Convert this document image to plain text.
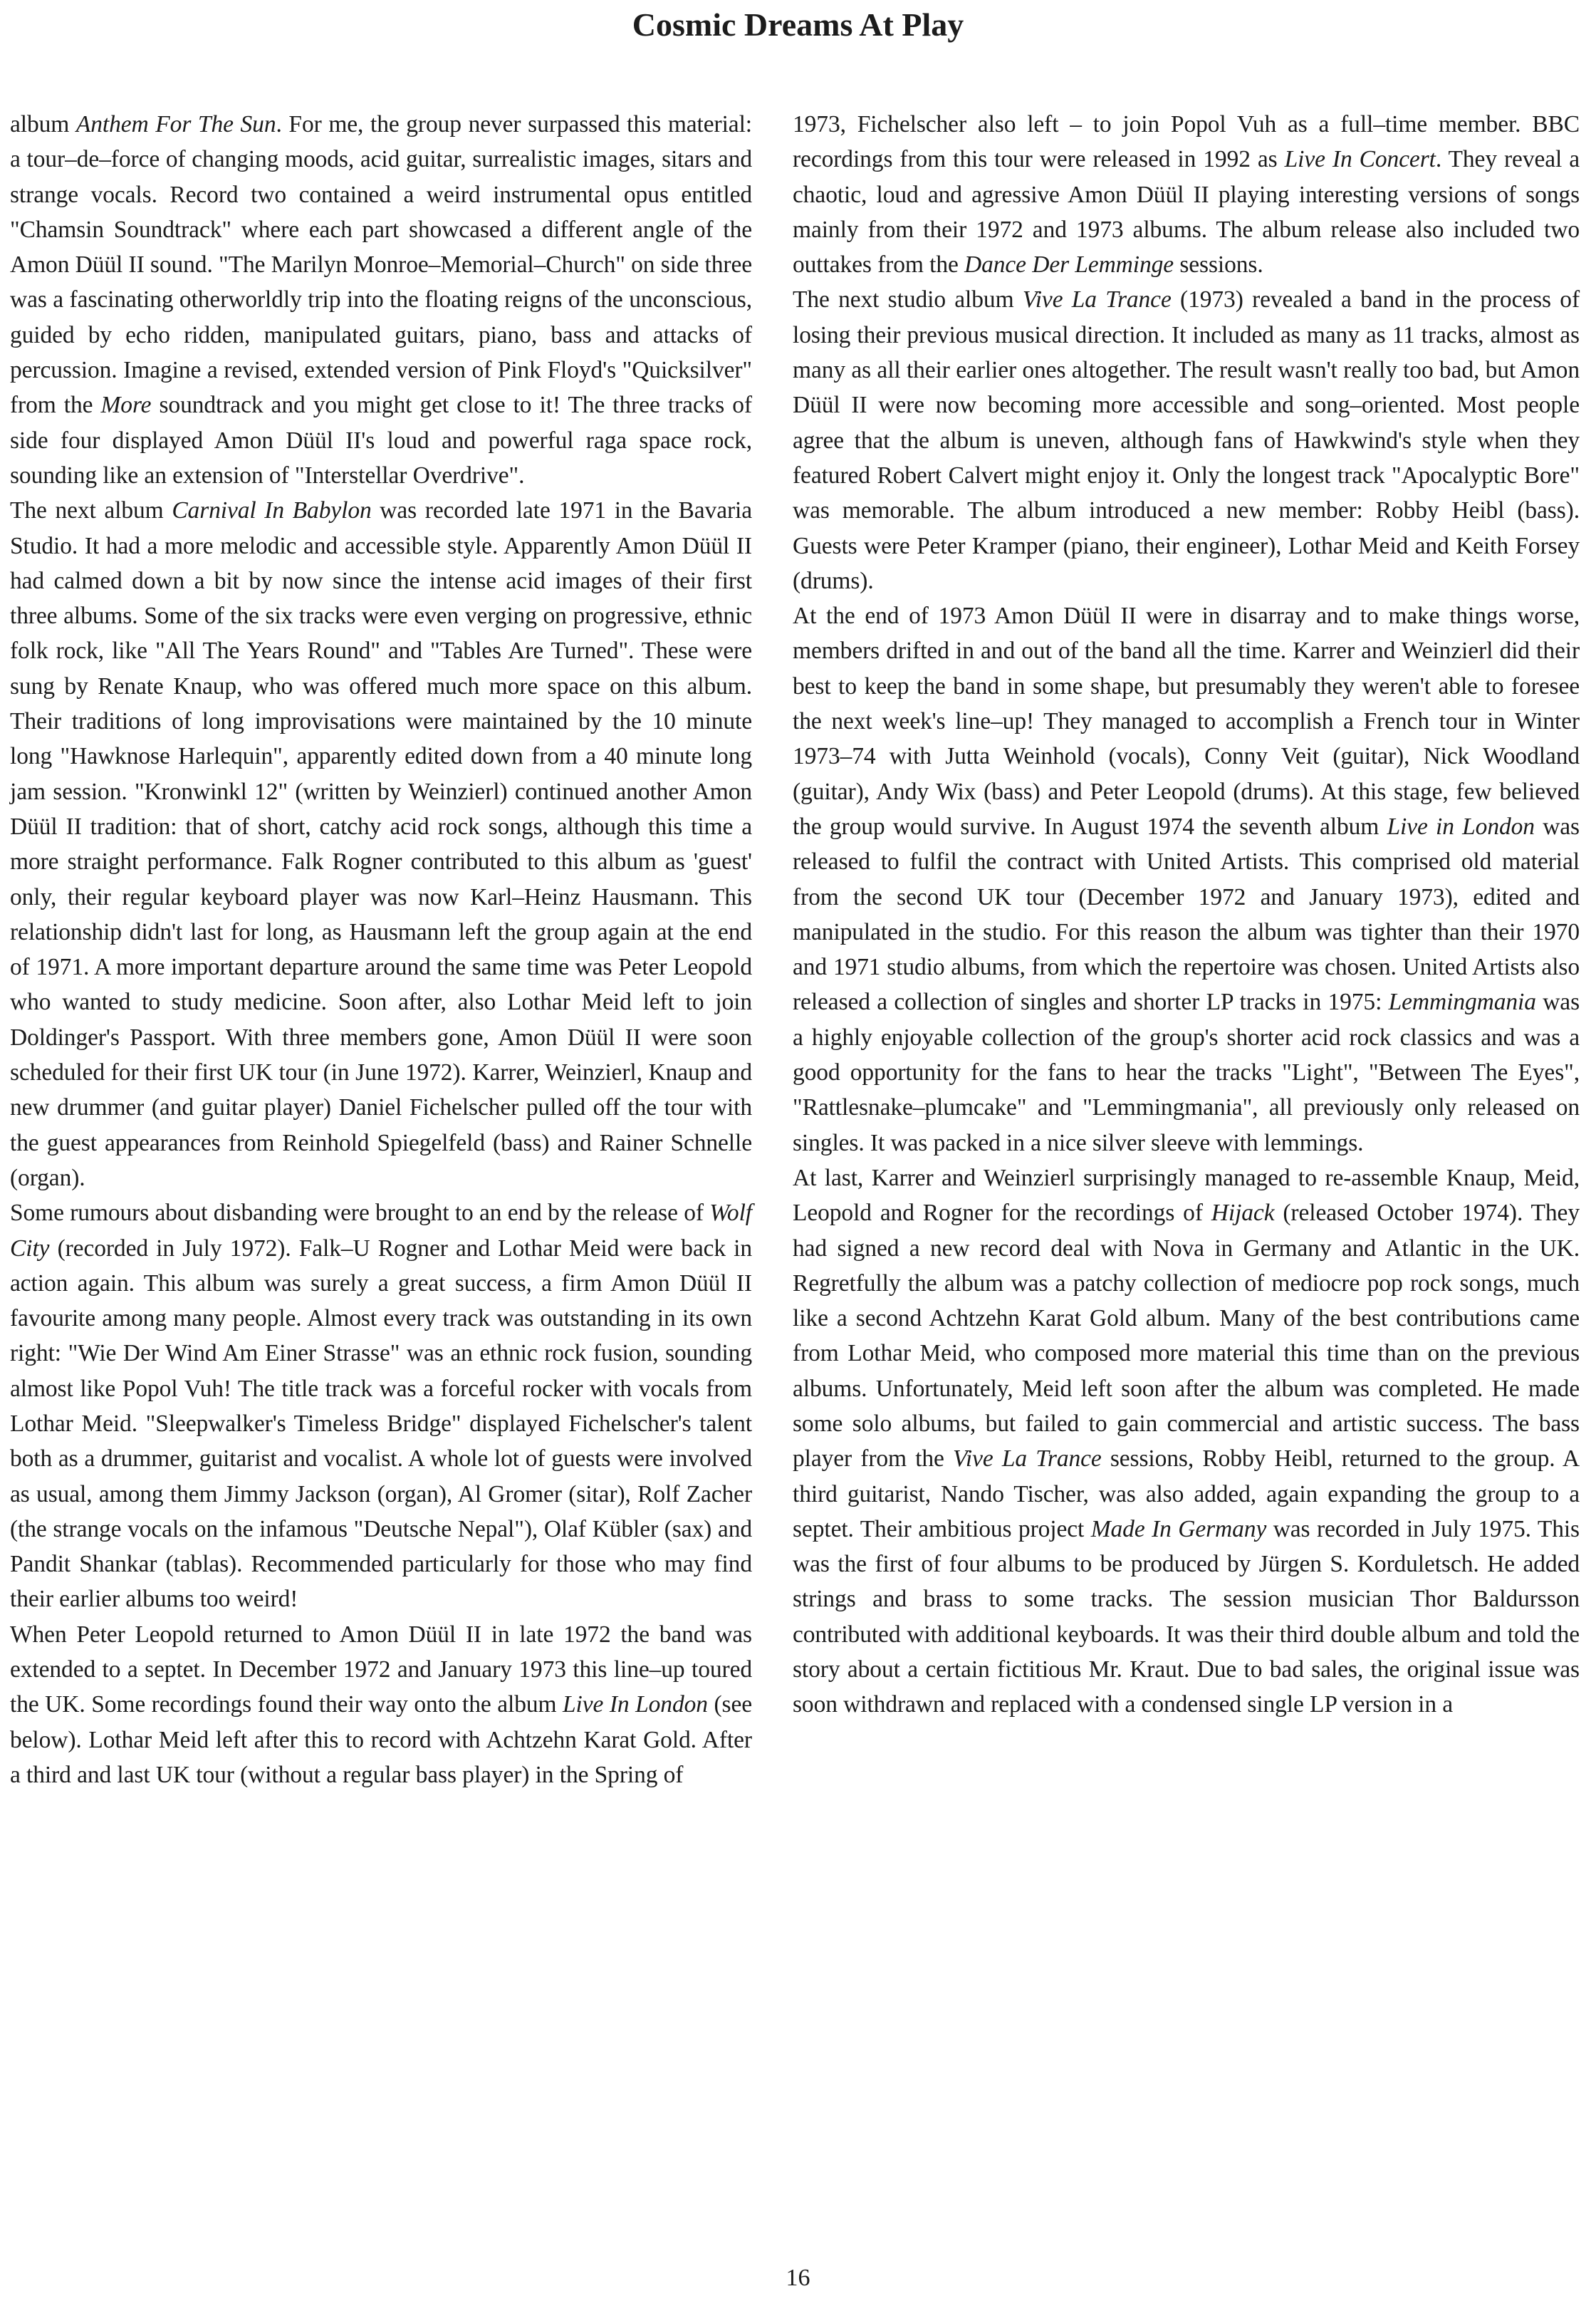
Cosmic Dreams At Play

album Anthem For The Sun. For me, the group never surpassed this material: a tour–de–force of changing moods, acid guitar, surrealistic images, sitars and strange vocals. Record two contained a weird instrumental opus entitled "Chamsin Soundtrack" where each part showcased a different angle of the Amon Düül II sound. "The Marilyn Monroe–Memorial–Church" on side three was a fascinating otherworldly trip into the floating reigns of the unconscious, guided by echo ridden, manipulated guitars, piano, bass and attacks of percussion. Imagine a revised, extended version of Pink Floyd's "Quicksilver" from the More soundtrack and you might get close to it! The three tracks of side four displayed Amon Düül II's loud and powerful raga space rock, sounding like an extension of "Interstellar Overdrive".

The next album Carnival In Babylon was recorded late 1971 in the Bavaria Studio. It had a more melodic and accessible style. Apparently Amon Düül II had calmed down a bit by now since the intense acid images of their first three albums. Some of the six tracks were even verging on progressive, ethnic folk rock, like "All The Years Round" and "Tables Are Turned". These were sung by Renate Knaup, who was offered much more space on this album. Their traditions of long improvisations were maintained by the 10 minute long "Hawknose Harlequin", apparently edited down from a 40 minute long jam session. "Kronwinkl 12" (written by Weinzierl) continued another Amon Düül II tradition: that of short, catchy acid rock songs, although this time a more straight performance. Falk Rogner contributed to this album as 'guest' only, their regular keyboard player was now Karl–Heinz Hausmann. This relationship didn't last for long, as Hausmann left the group again at the end of 1971. A more important departure around the same time was Peter Leopold who wanted to study medicine. Soon after, also Lothar Meid left to join Doldinger's Passport. With three members gone, Amon Düül II were soon scheduled for their first UK tour (in June 1972). Karrer, Weinzierl, Knaup and new drummer (and guitar player) Daniel Fichelscher pulled off the tour with the guest appearances from Reinhold Spiegelfeld (bass) and Rainer Schnelle (organ).

Some rumours about disbanding were brought to an end by the release of Wolf City (recorded in July 1972). Falk–U Rogner and Lothar Meid were back in action again. This album was surely a great success, a firm Amon Düül II favourite among many people. Almost every track was outstanding in its own right: "Wie Der Wind Am Einer Strasse" was an ethnic rock fusion, sounding almost like Popol Vuh! The title track was a forceful rocker with vocals from Lothar Meid. "Sleepwalker's Timeless Bridge" displayed Fichelscher's talent both as a drummer, guitarist and vocalist. A whole lot of guests were involved as usual, among them Jimmy Jackson (organ), Al Gromer (sitar), Rolf Zacher (the strange vocals on the infamous "Deutsche Nepal"), Olaf Kübler (sax) and Pandit Shankar (tablas). Recommended particularly for those who may find their earlier albums too weird!

When Peter Leopold returned to Amon Düül II in late 1972 the band was extended to a septet. In December 1972 and January 1973 this line–up toured the UK. Some recordings found their way onto the album Live In London (see below). Lothar Meid left after this to record with Achtzehn Karat Gold. After a third and last UK tour (without a regular bass player) in the Spring of

1973, Fichelscher also left – to join Popol Vuh as a full–time member. BBC recordings from this tour were released in 1992 as Live In Concert. They reveal a chaotic, loud and agressive Amon Düül II playing interesting versions of songs mainly from their 1972 and 1973 albums. The album release also included two outtakes from the Dance Der Lemminge sessions.

The next studio album Vive La Trance (1973) revealed a band in the process of losing their previous musical direction. It included as many as 11 tracks, almost as many as all their earlier ones altogether. The result wasn't really too bad, but Amon Düül II were now becoming more accessible and song–oriented. Most people agree that the album is uneven, although fans of Hawkwind's style when they featured Robert Calvert might enjoy it. Only the longest track "Apocalyptic Bore" was memorable. The album introduced a new member: Robby Heibl (bass). Guests were Peter Kramper (piano, their engineer), Lothar Meid and Keith Forsey (drums).

At the end of 1973 Amon Düül II were in disarray and to make things worse, members drifted in and out of the band all the time. Karrer and Weinzierl did their best to keep the band in some shape, but presumably they weren't able to foresee the next week's line–up! They managed to accomplish a French tour in Winter 1973–74 with Jutta Weinhold (vocals), Conny Veit (guitar), Nick Woodland (guitar), Andy Wix (bass) and Peter Leopold (drums). At this stage, few believed the group would survive. In August 1974 the seventh album Live in London was released to fulfil the contract with United Artists. This comprised old material from the second UK tour (December 1972 and January 1973), edited and manipulated in the studio. For this reason the album was tighter than their 1970 and 1971 studio albums, from which the repertoire was chosen. United Artists also released a collection of singles and shorter LP tracks in 1975: Lemmingmania was a highly enjoyable collection of the group's shorter acid rock classics and was a good opportunity for the fans to hear the tracks "Light", "Between The Eyes", "Rattlesnake–plumcake" and "Lemmingmania", all previously only released on singles. It was packed in a nice silver sleeve with lemmings.

At last, Karrer and Weinzierl surprisingly managed to re-assemble Knaup, Meid, Leopold and Rogner for the recordings of Hijack (released October 1974). They had signed a new record deal with Nova in Germany and Atlantic in the UK. Regretfully the album was a patchy collection of mediocre pop rock songs, much like a second Achtzehn Karat Gold album. Many of the best contributions came from Lothar Meid, who composed more material this time than on the previous albums. Unfortunately, Meid left soon after the album was completed. He made some solo albums, but failed to gain commercial and artistic success. The bass player from the Vive La Trance sessions, Robby Heibl, returned to the group. A third guitarist, Nando Tischer, was also added, again expanding the group to a septet. Their ambitious project Made In Germany was recorded in July 1975. This was the first of four albums to be produced by Jürgen S. Korduletsch. He added strings and brass to some tracks. The session musician Thor Baldursson contributed with additional keyboards. It was their third double album and told the story about a certain fictitious Mr. Kraut. Due to bad sales, the original issue was soon withdrawn and replaced with a condensed single LP version in a

16
